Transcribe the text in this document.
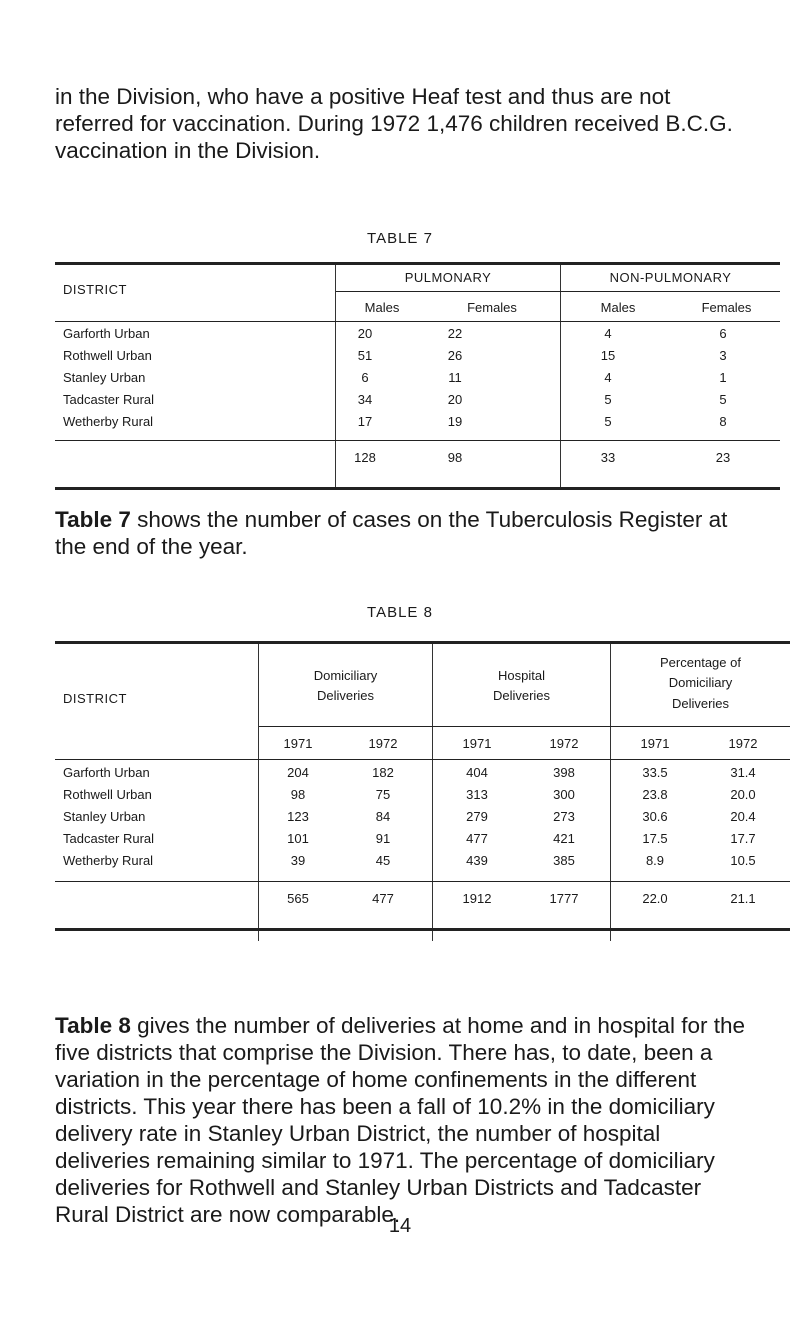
in the Division, who have a positive Heaf test and thus are not referred for vaccination. During 1972 1,476 children received B.C.G. vaccination in the Division.

TABLE 7

DISTRICT
PULMONARY	NON-PULMONARY
Males	Females	Males	Females
Garforth Urban	20	22	4	6
Rothwell Urban	51	26	15	3
Stanley Urban	6	11	4	1
Tadcaster Rural	34	20	5	5
Wetherby Rural	17	19	5	8
128	98	33	23

Table 7 shows the number of cases on the Tuberculosis Register at the end of the year.

TABLE 8

DISTRICT
Domiciliary
Deliveries
Hospital
Deliveries
Percentage of
Domiciliary
Deliveries
1971	1972	1971	1972	1971	1972
Garforth Urban	204	182	404	398	33.5	31.4
Rothwell Urban	98	75	313	300	23.8	20.0
Stanley Urban	123	84	279	273	30.6	20.4
Tadcaster Rural	101	91	477	421	17.5	17.7
Wetherby Rural	39	45	439	385	8.9	10.5
565	477	1912	1777	22.0	21.1

Table 8 gives the number of deliveries at home and in hospital for the five districts that comprise the Division. There has, to date, been a variation in the percentage of home confinements in the different districts. This year there has been a fall of 10.2% in the domiciliary delivery rate in Stanley Urban District, the number of hospital deliveries remaining similar to 1971. The percentage of domiciliary deliveries for Rothwell and Stanley Urban Districts and Tadcaster Rural District are now comparable.

14
